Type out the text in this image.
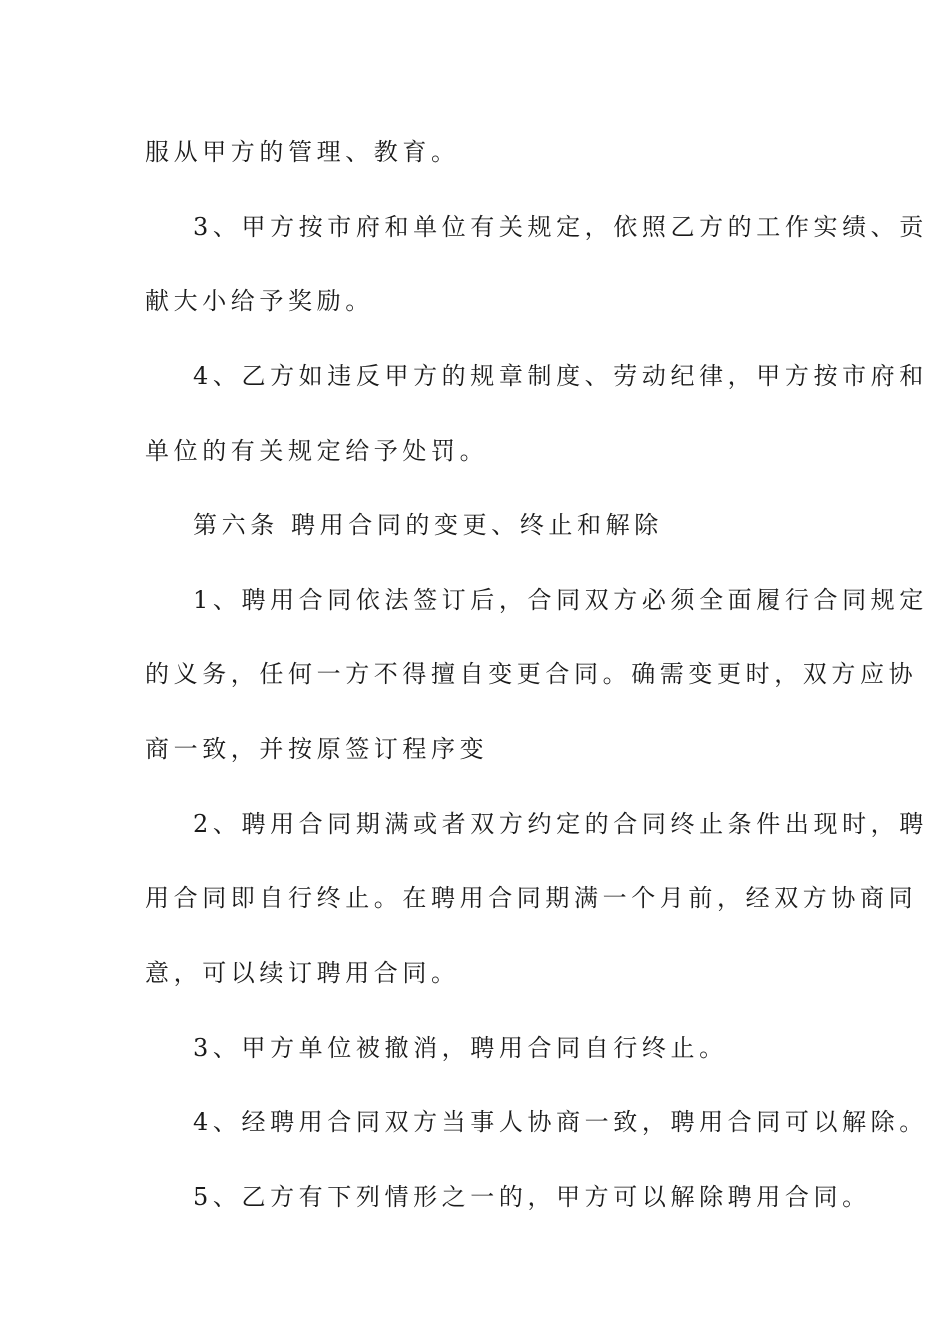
服从甲方的管理、教育。
3、甲方按市府和单位有关规定，依照乙方的工作实绩、贡
献大小给予奖励。
4、乙方如违反甲方的规章制度、劳动纪律，甲方按市府和
单位的有关规定给予处罚。
第六条 聘用合同的变更、终止和解除
1、聘用合同依法签订后，合同双方必须全面履行合同规定
的义务，任何一方不得擅自变更合同。确需变更时，双方应协
商一致，并按原签订程序变
2、聘用合同期满或者双方约定的合同终止条件出现时，聘
用合同即自行终止。在聘用合同期满一个月前，经双方协商同
意，可以续订聘用合同。
3、甲方单位被撤消，聘用合同自行终止。
4、经聘用合同双方当事人协商一致，聘用合同可以解除。
5、乙方有下列情形之一的，甲方可以解除聘用合同。
